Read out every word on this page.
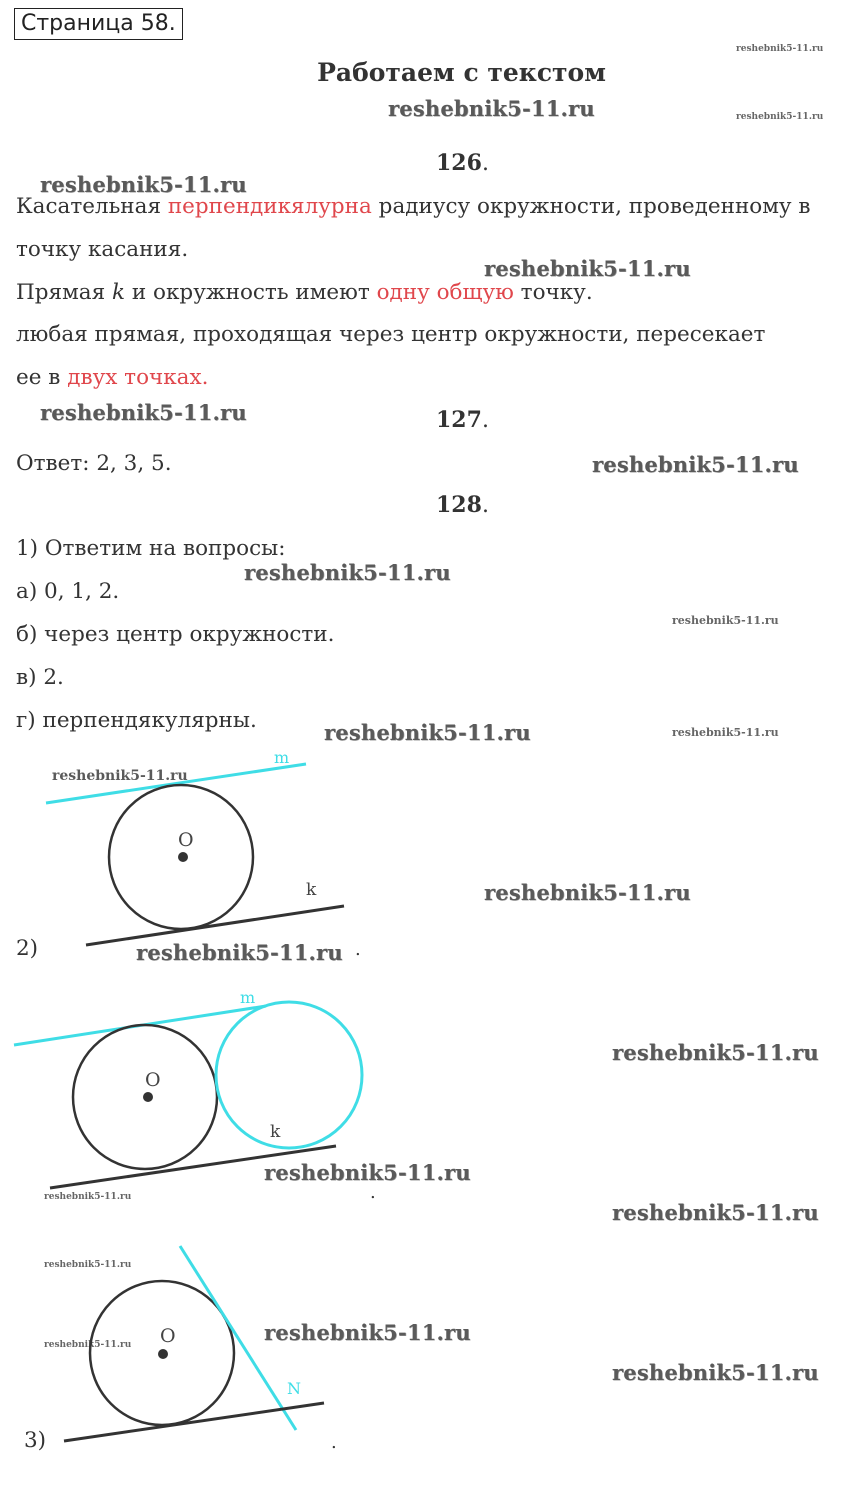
Страница 58.
Работаем с текстом
reshebnik5-11.ru
reshebnik5-11.ru	reshebnik5-11.ru
reshebnik5-11.ru
reshebnik5-11.ru
reshebnik5-11.ru
reshebnik5-11.ru
reshebnik5-11.ru
reshebnik5-11.ru
reshebnik5-11.ru	reshebnik5-11.ru
reshebnik5-11.ru
reshebnik5-11.ru
reshebnik5-11.ru
reshebnik5-11.ru
reshebnik5-11.ru
reshebnik5-11.ru
reshebnik5-11.ru
reshebnik5-11.ru
reshebnik5-11.ru
reshebnik5-11.ru
reshebnik5-11.ru
126.
Касательная перпендикялурна радиусу окружности, проведенному в
точку касания.
Прямая k и окружность имеют одну общую точку.
любая прямая, проходящая через центр окружности, пересекает
ее в двух точках.
127.
Ответ: 2, 3, 5.
128.
1) Ответим на вопросы:
а) 0, 1, 2.
б) через центр окружности.
в) 2.
г) перпендякулярны.
2)
3)
O
m
k
.
O
m
k
.
O
N
.
